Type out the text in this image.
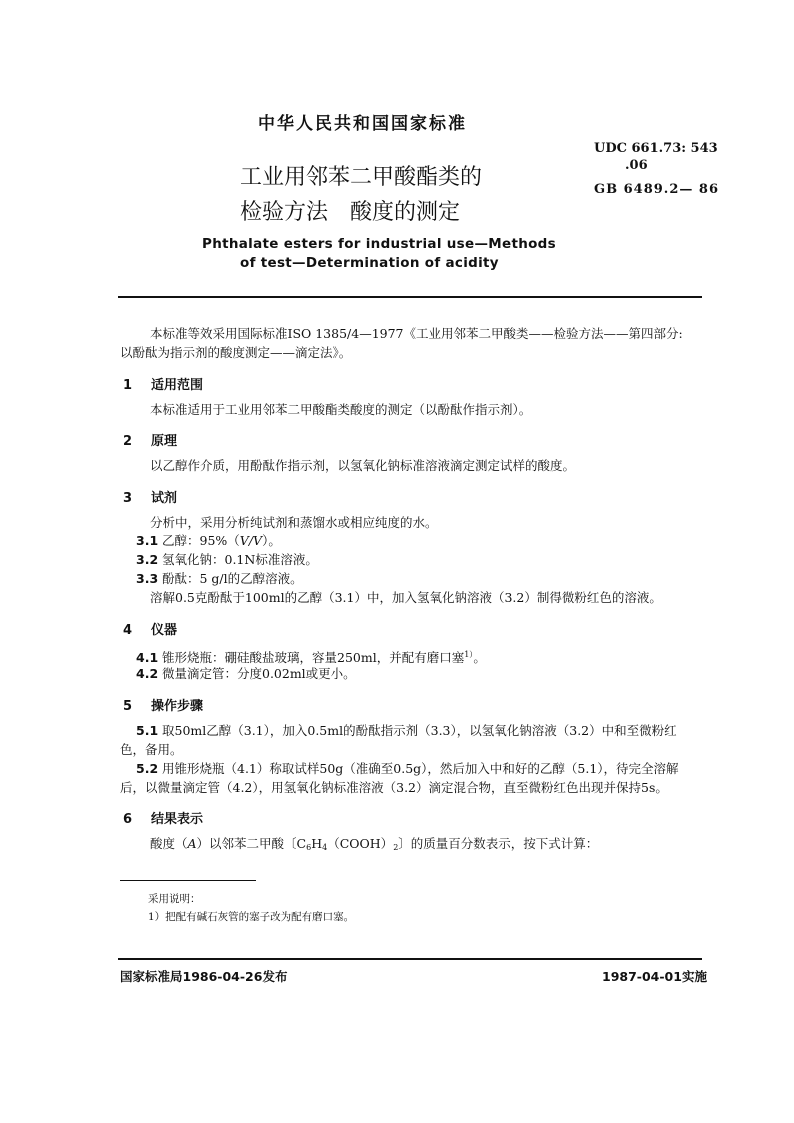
中华人民共和国国家标准
UDC 661.73: 543
.06
GB 6489.2— 86
工业用邻苯二甲酸酯类的
检验方法　酸度的测定
Phthalate esters for industrial use—Methods
of test—Determination of acidity
本标准等效采用国际标准ISO 1385/4—1977《工业用邻苯二甲酸类——检验方法——第四部分:
以酚酞为指示剂的酸度测定——滴定法》。
1 适用范围
本标准适用于工业用邻苯二甲酸酯类酸度的测定（以酚酞作指示剂）。
2 原理
以乙醇作介质，用酚酞作指示剂，以氢氧化钠标准溶液滴定测定试样的酸度。
3 试剂
分析中，采用分析纯试剂和蒸馏水或相应纯度的水。
3.1 乙醇：95%（V/V）。
3.2 氢氧化钠：0.1N标准溶液。
3.3 酚酞：5 g/l的乙醇溶液。
溶解0.5克酚酞于100ml的乙醇（3.1）中，加入氢氧化钠溶液（3.2）制得微粉红色的溶液。
4 仪器
4.1 锥形烧瓶：硼硅酸盐玻璃，容量250ml，并配有磨口塞$^{1)}$。
4.2 微量滴定管：分度0.02ml或更小。
5 操作步骤
5.1 取50ml乙醇（3.1），加入0.5ml的酚酞指示剂（3.3），以氢氧化钠溶液（3.2）中和至微粉红
色，备用。
5.2 用锥形烧瓶（4.1）称取试样50g（准确至0.5g），然后加入中和好的乙醇（5.1），待完全溶解
后，以微量滴定管（4.2），用氢氧化钠标准溶液（3.2）滴定混合物，直至微粉红色出现并保持5s。
6 结果表示
酸度（A）以邻苯二甲酸〔$C_6H_4(COOH)_2$〕的质量百分数表示，按下式计算：
采用说明：
1）把配有碱石灰管的塞子改为配有磨口塞。
国家标准局1986-04-26发布	1987-04-01实施
